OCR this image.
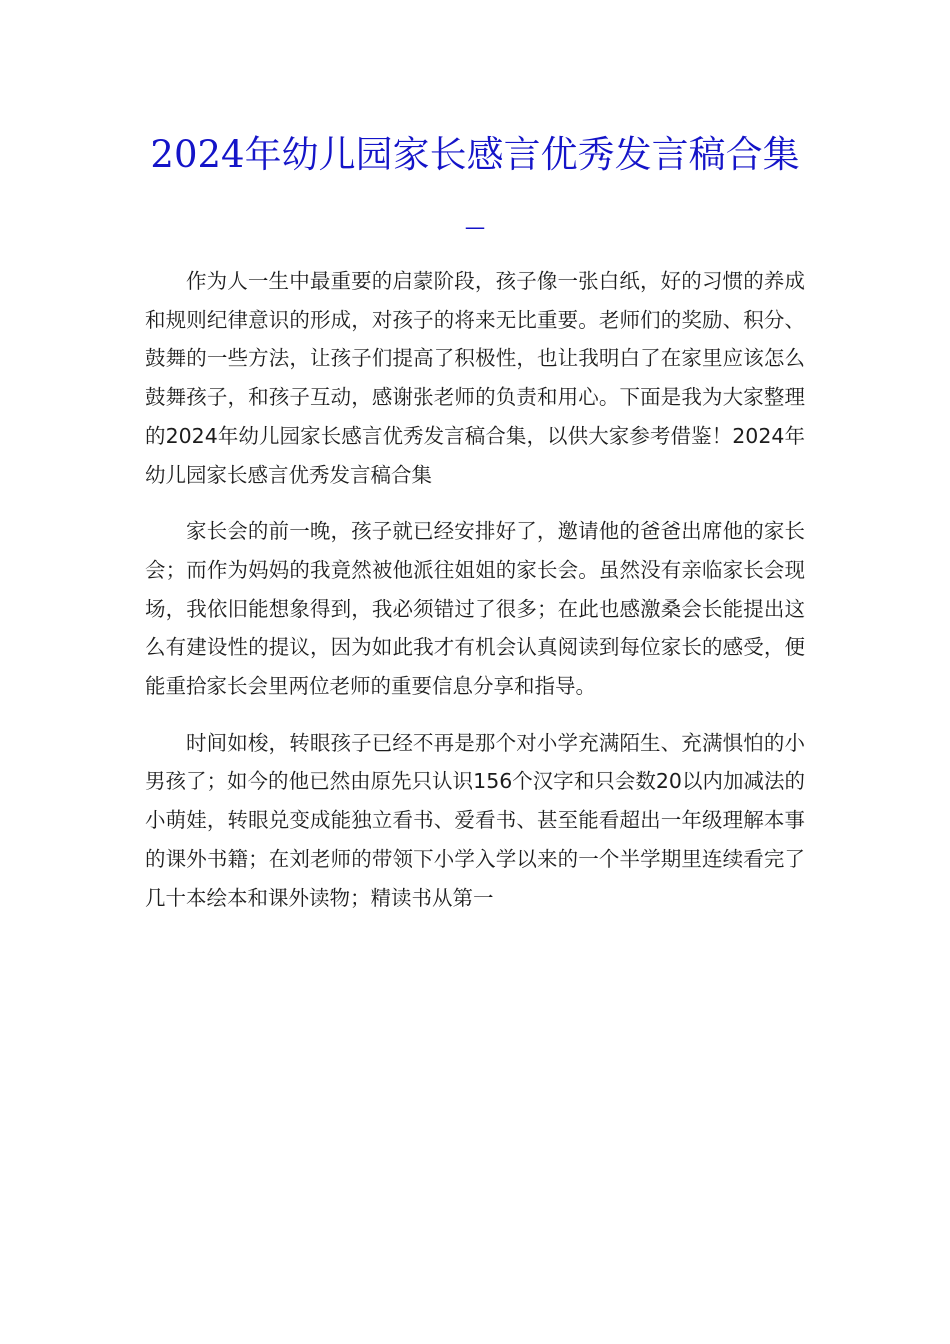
2024年幼儿园家长感言优秀发言稿合集_

作为人一生中最重要的启蒙阶段，孩子像一张白纸，好的习惯的养成和规则纪律意识的形成，对孩子的将来无比重要。老师们的奖励、积分、鼓舞的一些方法，让孩子们提高了积极性，也让我明白了在家里应该怎么鼓舞孩子，和孩子互动，感谢张老师的负责和用心。下面是我为大家整理的2024年幼儿园家长感言优秀发言稿合集，以供大家参考借鉴！2024年幼儿园家长感言优秀发言稿合集

家长会的前一晚，孩子就已经安排好了，邀请他的爸爸出席他的家长会；而作为妈妈的我竟然被他派往姐姐的家长会。虽然没有亲临家长会现场，我依旧能想象得到，我必须错过了很多；在此也感激桑会长能提出这么有建设性的提议，因为如此我才有机会认真阅读到每位家长的感受，便能重拾家长会里两位老师的重要信息分享和指导。

时间如梭，转眼孩子已经不再是那个对小学充满陌生、充满惧怕的小男孩了；如今的他已然由原先只认识156个汉字和只会数20以内加减法的小萌娃，转眼兑变成能独立看书、爱看书、甚至能看超出一年级理解本事的课外书籍；在刘老师的带领下小学入学以来的一个半学期里连续看完了几十本绘本和课外读物；精读书从第一
